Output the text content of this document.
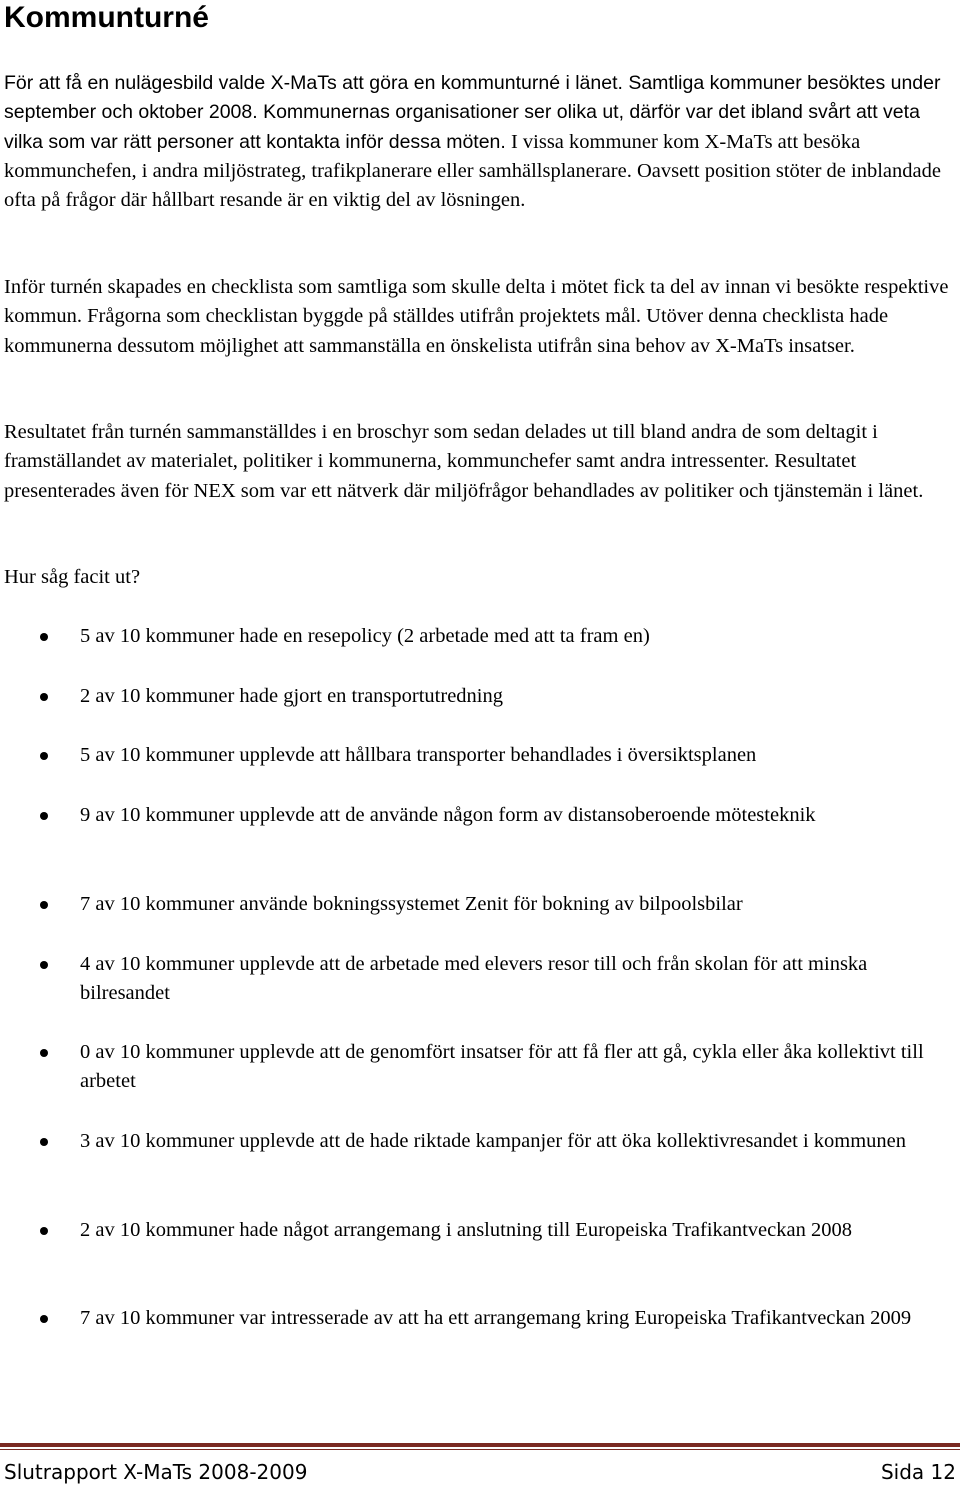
Kommunturné

För att få en nulägesbild valde X-MaTs att göra en kommunturné i länet. Samtliga kommuner besöktes under september och oktober 2008. Kommunernas organisationer ser olika ut, därför var det ibland svårt att veta vilka som var rätt personer att kontakta inför dessa möten. I vissa kommuner kom X-MaTs att besöka kommunchefen, i andra miljöstrateg, trafikplanerare eller samhällsplanerare. Oavsett position stöter de inblandade ofta på frågor där hållbart resande är en viktig del av lösningen.

Inför turnén skapades en checklista som samtliga som skulle delta i mötet fick ta del av innan vi besökte respektive kommun. Frågorna som checklistan byggde på ställdes utifrån projektets mål. Utöver denna checklista hade kommunerna dessutom möjlighet att sammanställa en önskelista utifrån sina behov av X-MaTs insatser.

Resultatet från turnén sammanställdes i en broschyr som sedan delades ut till bland andra de som deltagit i framställandet av materialet, politiker i kommunerna, kommunchefer samt andra intressenter. Resultatet presenterades även för NEX som var ett nätverk där miljöfrågor behandlades av politiker och tjänstemän i länet.

Hur såg facit ut?

5 av 10 kommuner hade en resepolicy (2 arbetade med att ta fram en)
2 av 10 kommuner hade gjort en transportutredning
5 av 10 kommuner upplevde att hållbara transporter behandlades i översiktsplanen
9 av 10 kommuner upplevde att de använde någon form av distansoberoende mötesteknik
7 av 10 kommuner använde bokningssystemet Zenit för bokning av bilpoolsbilar
4 av 10 kommuner upplevde att de arbetade med elevers resor till och från skolan för att minska bilresandet
0 av 10 kommuner upplevde att de genomfört insatser för att få fler att gå, cykla eller åka kollektivt till arbetet
3 av 10 kommuner upplevde att de hade riktade kampanjer för att öka kollektivresandet i kommunen
2 av 10 kommuner hade något arrangemang i anslutning till Europeiska Trafikantveckan 2008
7 av 10 kommuner var intresserade av att ha ett arrangemang kring Europeiska Trafikantveckan 2009
Slutrapport X-MaTs 2008-2009	Sida 12
